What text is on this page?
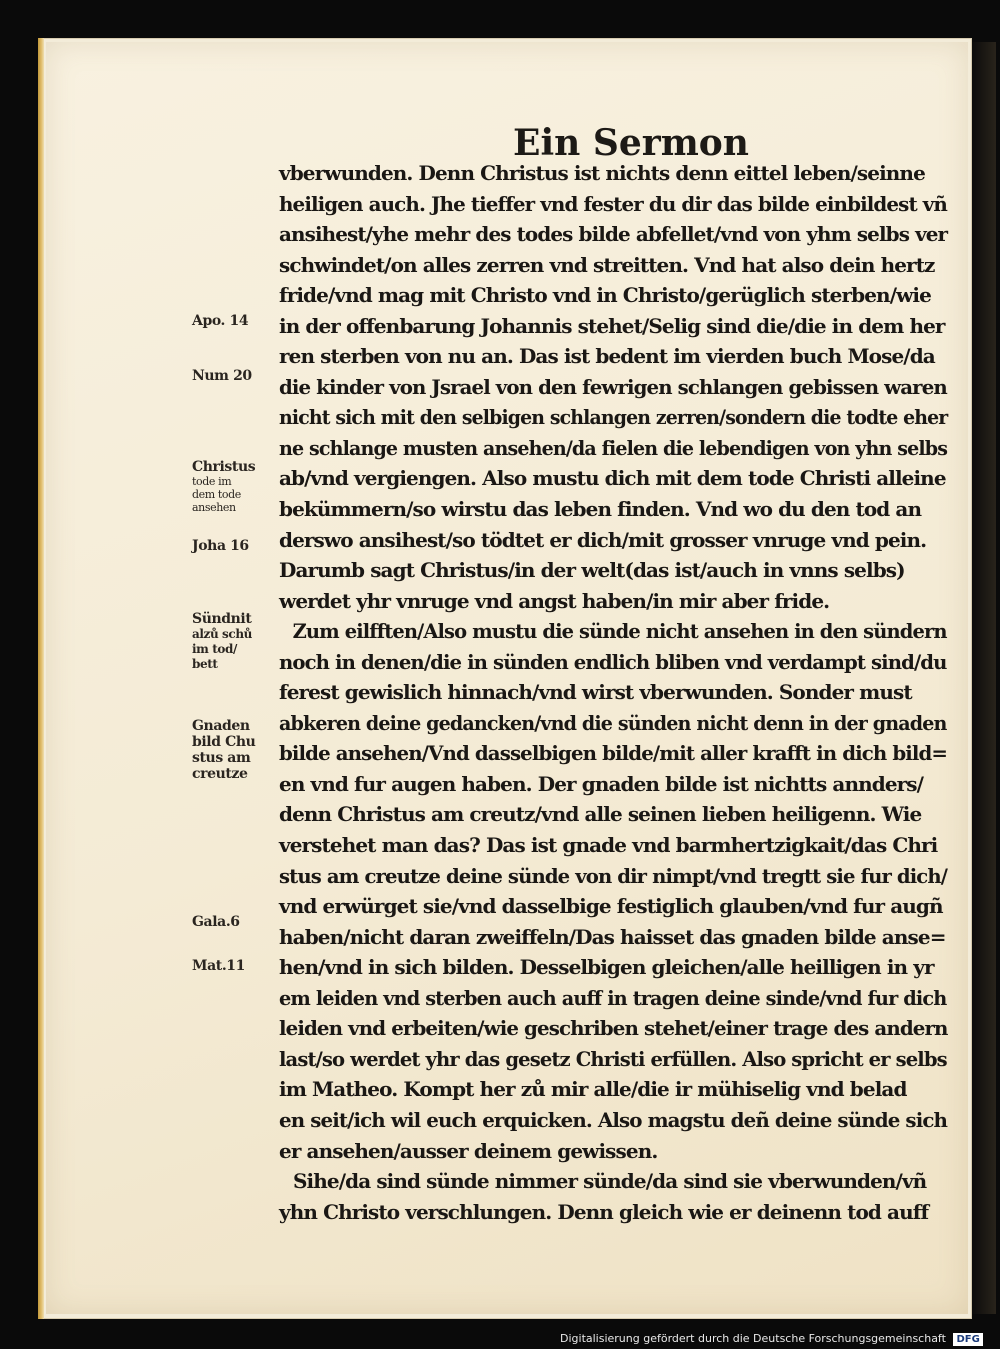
Ein Sermon
vberwunden. Denn Christus ist nichts denn eittel leben/seinne
heiligen auch. Jhe tieffer vnd fester du dir das bilde einbildest vñ
ansihest/yhe mehr des todes bilde abfellet/vnd von yhm selbs ver
schwindet/on alles zerren vnd streitten. Vnd hat also dein hertz
fride/vnd mag mit Christo vnd in Christo/gerüglich sterben/wie
in der offenbarung Johannis stehet/Selig sind die/die in dem her
ren sterben von nu an. Das ist bedent im vierden buch Mose/da
die kinder von Jsrael von den fewrigen schlangen gebissen waren
nicht sich mit den selbigen schlangen zerren/sondern die todte eher
ne schlange musten ansehen/da fielen die lebendigen von yhn selbs
ab/vnd vergiengen. Also mustu dich mit dem tode Christi alleine
bekümmern/so wirstu das leben finden. Vnd wo du den tod an
derswo ansihest/so tödtet er dich/mit grosser vnruge vnd pein.
Darumb sagt Christus/in der welt(das ist/auch in vnns selbs)
werdet yhr vnruge vnd angst haben/in mir aber fride.
Zum eilfften/Also mustu die sünde nicht ansehen in den sündern
noch in denen/die in sünden endlich bliben vnd verdampt sind/du
ferest gewislich hinnach/vnd wirst vberwunden. Sonder must
abkeren deine gedancken/vnd die sünden nicht denn in der gnaden
bilde ansehen/Vnd dasselbigen bilde/mit aller krafft in dich bild=
en vnd fur augen haben. Der gnaden bilde ist nichtts annders/
denn Christus am creutz/vnd alle seinen lieben heiligenn. Wie
verstehet man das? Das ist gnade vnd barmhertzigkait/das Chri
stus am creutze deine sünde von dir nimpt/vnd tregtt sie fur dich/
vnd erwürget sie/vnd dasselbige festiglich glauben/vnd fur augñ
haben/nicht daran zweiffeln/Das haisset das gnaden bilde anse=
hen/vnd in sich bilden. Desselbigen gleichen/alle heilligen in yr
em leiden vnd sterben auch auff in tragen deine sinde/vnd fur dich
leiden vnd erbeiten/wie geschriben stehet/einer trage des andern
last/so werdet yhr das gesetz Christi erfüllen. Also spricht er selbs
im Matheo. Kompt her zů mir alle/die ir mühiselig vnd belad
en seit/ich wil euch erquicken. Also magstu deñ deine sünde sich
er ansehen/ausser deinem gewissen.
Sihe/da sind sünde nimmer sünde/da sind sie vberwunden/vñ
yhn Christo verschlungen. Denn gleich wie er deinenn tod auff
Apo. 14
Num 20
Christus
tode im
dem tode
ansehen
Joha 16
Sündnit
alzů schů
im tod/
bett
Gnaden
bild Chu
stus am
creutze
Gala.6
Mat.11
Digitalisierung gefördert durch die Deutsche Forschungsgemeinschaft DFG
